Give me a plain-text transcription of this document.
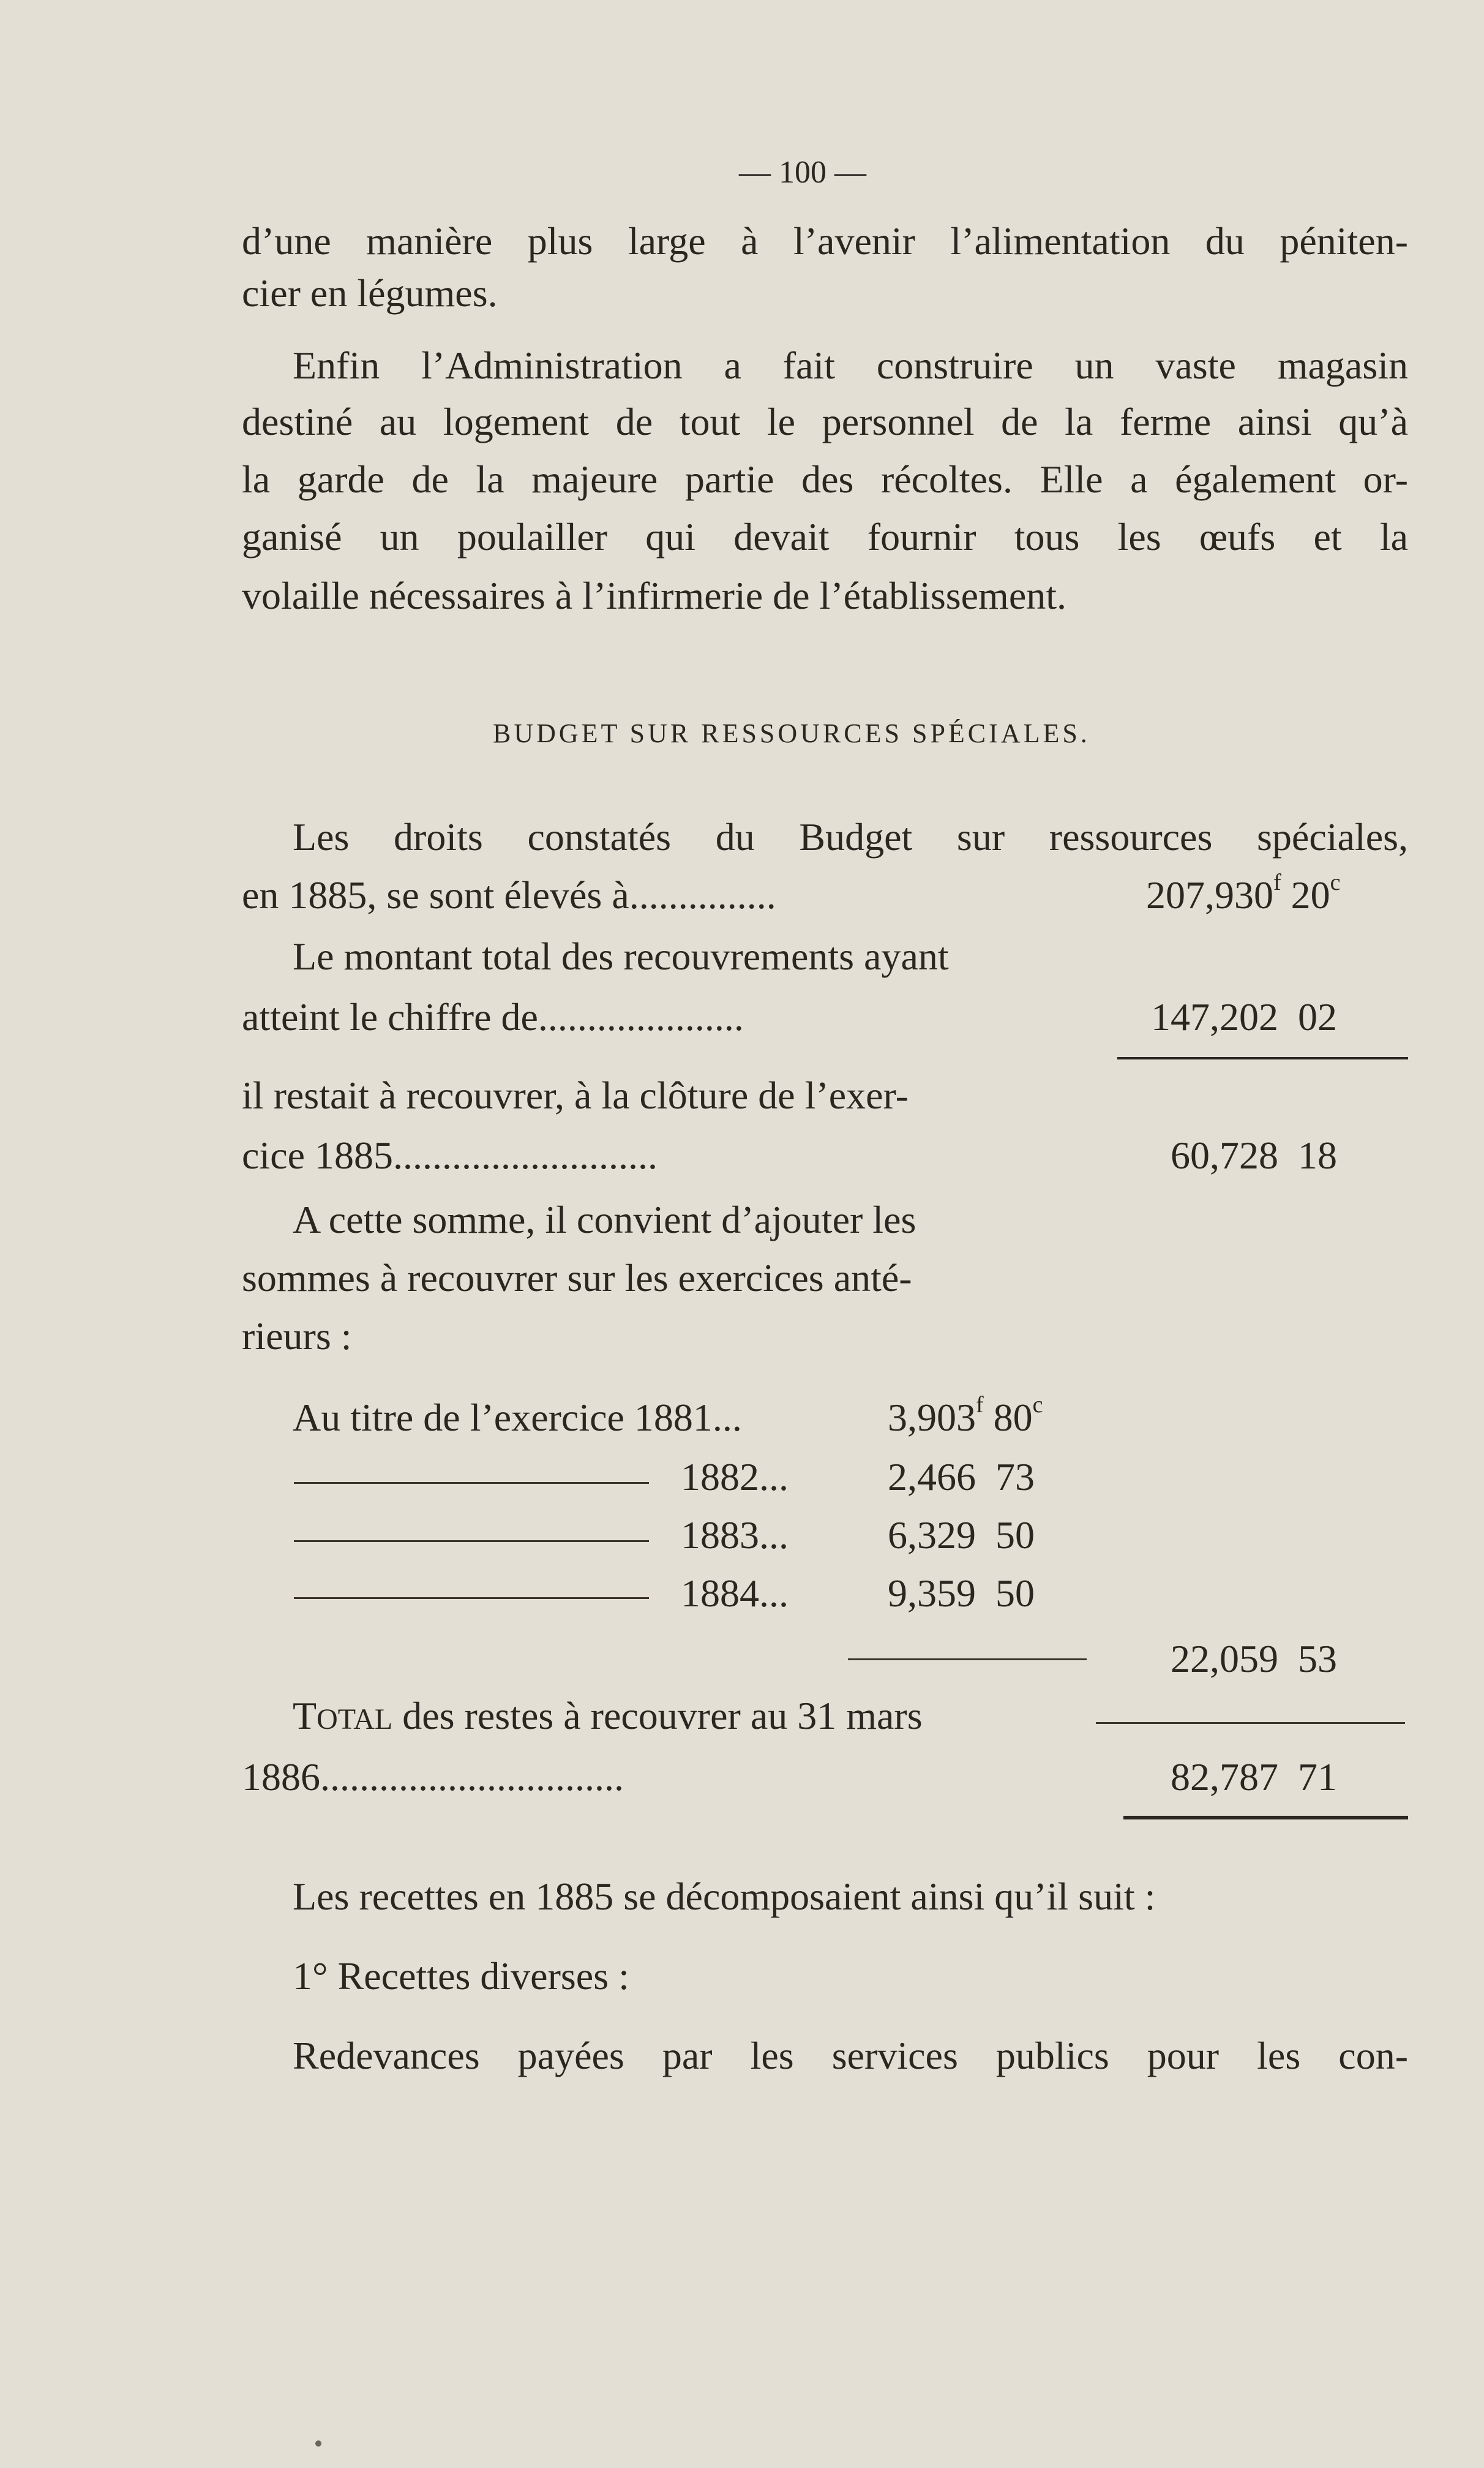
— 100 —
d’une manière plus large à l’avenir l’alimentation du péniten-
cier en légumes.
Enfin l’Administration a fait construire un vaste magasin
destiné au logement de tout le personnel de la ferme ainsi qu’à
la garde de la majeure partie des récoltes. Elle a également or-
ganisé un poulailler qui devait fournir tous les œufs et la
volaille nécessaires à l’infirmerie de l’établissement.
BUDGET SUR RESSOURCES SPÉCIALES.
Les droits constatés du Budget sur ressources spéciales,
en 1885, se sont élevés à...............	207,930$^f$ 20$^c$
Le montant total des recouvrements ayant
atteint le chiffre de.....................	147,202 02
il restait à recouvrer, à la clôture de l’exer-
cice 1885...........................	60,728 18
A cette somme, il convient d’ajouter les
sommes à recouvrer sur les exercices anté-
rieurs :
Au titre de l’exercice 1881...	3,903$^f$ 80$^c$
1882...	2,466 73
1883...	6,329 50
1884...	9,359 50
22,059 53
TOTAL des restes à recouvrer au 31 mars
1886...............................	82,787 71
Les recettes en 1885 se décomposaient ainsi qu’il suit :
1° Recettes diverses :
Redevances payées par les services publics pour les con-
